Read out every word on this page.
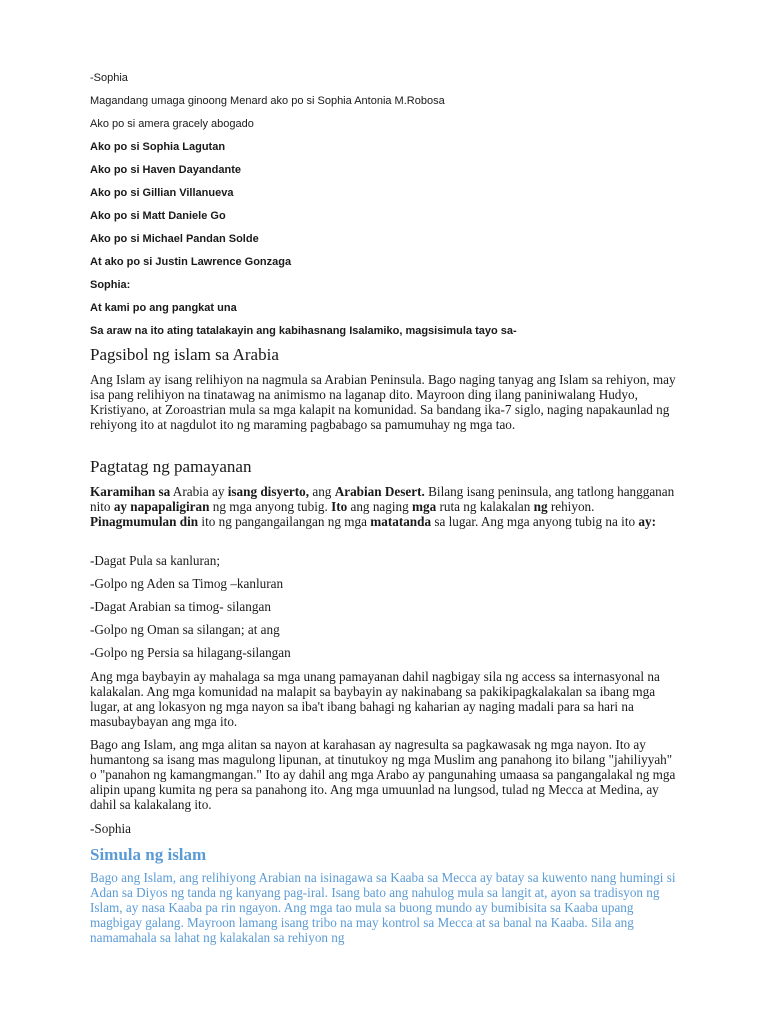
-Sophia

Magandang umaga ginoong Menard ako po si Sophia Antonia M.Robosa

Ako po si amera gracely abogado

Ako po si Sophia Lagutan

Ako po si Haven Dayandante

Ako po si Gillian Villanueva

Ako po si Matt Daniele Go

Ako po si Michael Pandan Solde

At ako po si Justin Lawrence Gonzaga

Sophia:

At kami po ang pangkat una

Sa araw na ito ating tatalakayin ang kabihasnang Isalamiko, magsisimula tayo sa-

Pagsibol ng islam sa Arabia

Ang Islam ay isang relihiyon na nagmula sa Arabian Peninsula. Bago naging tanyag ang Islam sa rehiyon, may isa pang relihiyon na tinatawag na animismo na laganap dito. Mayroon ding ilang paniniwalang Hudyo, Kristiyano, at Zoroastrian mula sa mga kalapit na komunidad. Sa bandang ika-7 siglo, naging napakaunlad ng rehiyong ito at nagdulot ito ng maraming pagbabago sa pamumuhay ng mga tao.

Pagtatag ng pamayanan

Karamihan sa Arabia ay isang disyerto, ang Arabian Desert. Bilang isang peninsula, ang tatlong hangganan nito ay napapaligiran ng mga anyong tubig. Ito ang naging mga ruta ng kalakalan ng rehiyon. Pinagmumulan din ito ng pangangailangan ng mga matatanda sa lugar. Ang mga anyong tubig na ito ay:

-Dagat Pula sa kanluran;

-Golpo ng Aden sa Timog –kanluran

-Dagat Arabian sa timog- silangan

-Golpo ng Oman sa silangan; at ang

-Golpo ng Persia sa hilagang-silangan

Ang mga baybayin ay mahalaga sa mga unang pamayanan dahil nagbigay sila ng access sa internasyonal na kalakalan. Ang mga komunidad na malapit sa baybayin ay nakinabang sa pakikipagkalakalan sa ibang mga lugar, at ang lokasyon ng mga nayon sa iba't ibang bahagi ng kaharian ay naging madali para sa hari na masubaybayan ang mga ito.

Bago ang Islam, ang mga alitan sa nayon at karahasan ay nagresulta sa pagkawasak ng mga nayon. Ito ay humantong sa isang mas magulong lipunan, at tinutukoy ng mga Muslim ang panahong ito bilang "jahiliyyah" o "panahon ng kamangmangan." Ito ay dahil ang mga Arabo ay pangunahing umaasa sa pangangalakal ng mga alipin upang kumita ng pera sa panahong ito. Ang mga umuunlad na lungsod, tulad ng Mecca at Medina, ay dahil sa kalakalang ito.

-Sophia

Simula ng islam

Bago ang Islam, ang relihiyong Arabian na isinagawa sa Kaaba sa Mecca ay batay sa kuwento nang humingi si Adan sa Diyos ng tanda ng kanyang pag-iral. Isang bato ang nahulog mula sa langit at, ayon sa tradisyon ng Islam, ay nasa Kaaba pa rin ngayon. Ang mga tao mula sa buong mundo ay bumibisita sa Kaaba upang magbigay galang. Mayroon lamang isang tribo na may kontrol sa Mecca at sa banal na Kaaba. Sila ang namamahala sa lahat ng kalakalan sa rehiyon ng
